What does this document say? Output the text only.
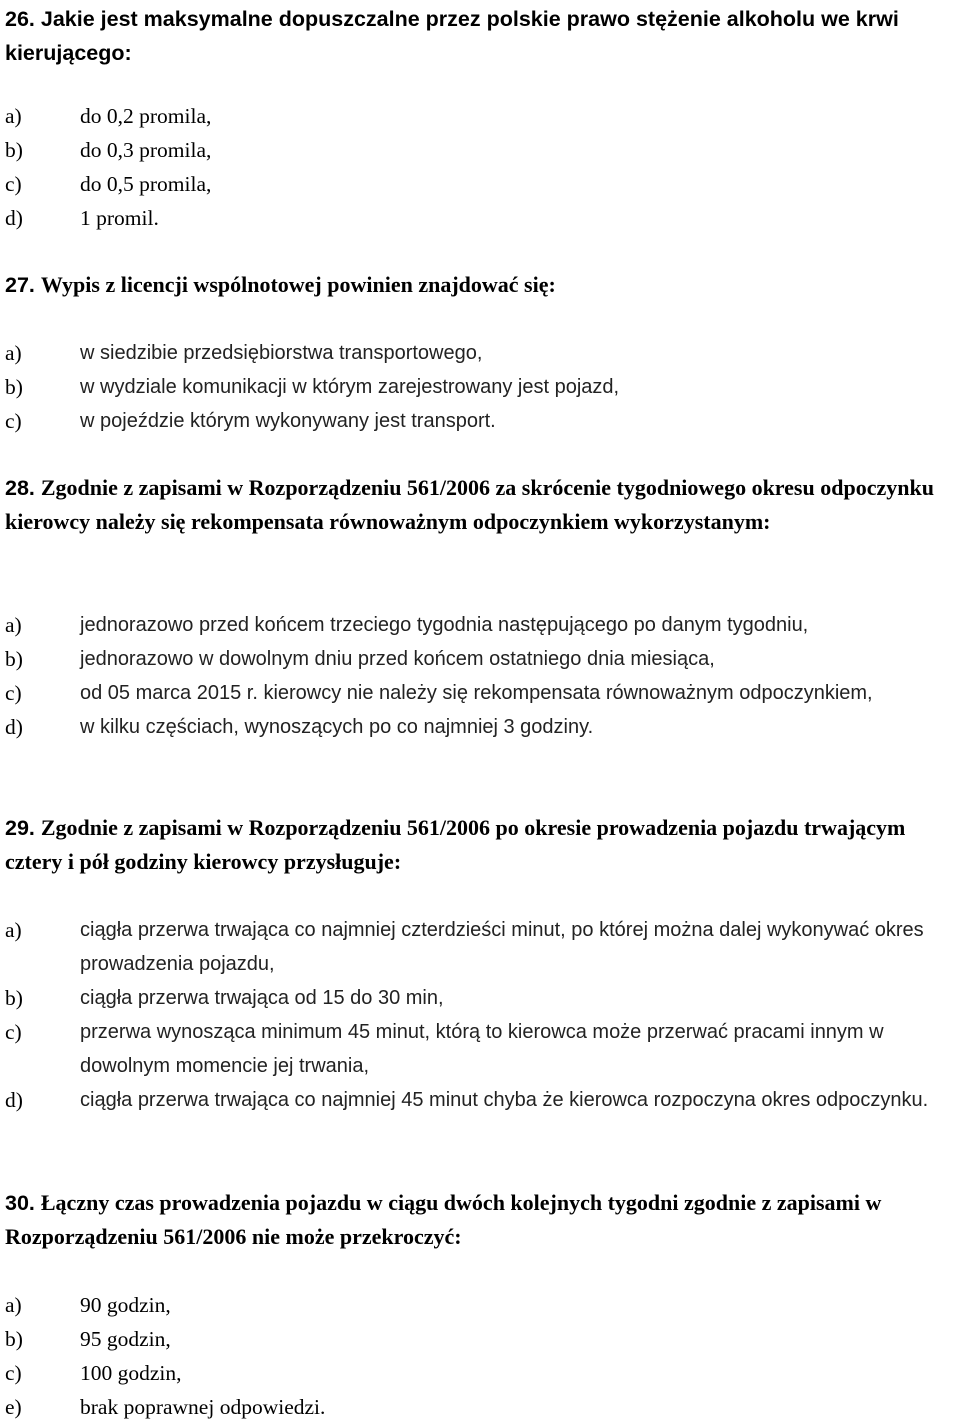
26. Jakie jest maksymalne dopuszczalne przez polskie prawo stężenie alkoholu we krwi kierującego:
a)	do 0,2 promila,
b)	do 0,3 promila,
c)	do 0,5 promila,
d)	1 promil.
27. Wypis z licencji wspólnotowej powinien znajdować się:
a)	w siedzibie przedsiębiorstwa transportowego,
b)	w wydziale komunikacji w którym zarejestrowany jest pojazd,
c)	w pojeździe którym wykonywany jest transport.
28. Zgodnie z zapisami w Rozporządzeniu 561/2006 za skrócenie tygodniowego okresu odpoczynku kierowcy należy się rekompensata równoważnym odpoczynkiem wykorzystanym:
a)	jednorazowo przed końcem trzeciego tygodnia następującego po danym tygodniu,
b)	jednorazowo w dowolnym dniu przed końcem ostatniego dnia miesiąca,
c)	od 05 marca 2015 r. kierowcy nie należy się rekompensata równoważnym odpoczynkiem,
d)	w kilku częściach, wynoszących po co najmniej 3 godziny.
29. Zgodnie z zapisami w Rozporządzeniu 561/2006 po okresie prowadzenia pojazdu trwającym cztery i pół godziny kierowcy przysługuje:
a)	ciągła przerwa trwająca co najmniej czterdzieści minut, po której można dalej wykonywać okres prowadzenia pojazdu,
b)	ciągła przerwa trwająca od 15 do 30 min,
c)	przerwa wynosząca minimum 45 minut, którą to kierowca może przerwać pracami innym w dowolnym momencie jej trwania,
d)	ciągła przerwa trwająca co najmniej 45 minut chyba że kierowca rozpoczyna okres odpoczynku.
30. Łączny czas prowadzenia pojazdu w ciągu dwóch kolejnych tygodni zgodnie z zapisami w Rozporządzeniu 561/2006 nie może przekroczyć:
a)	90 godzin,
b)	95 godzin,
c)	100 godzin,
e)	brak poprawnej odpowiedzi.
